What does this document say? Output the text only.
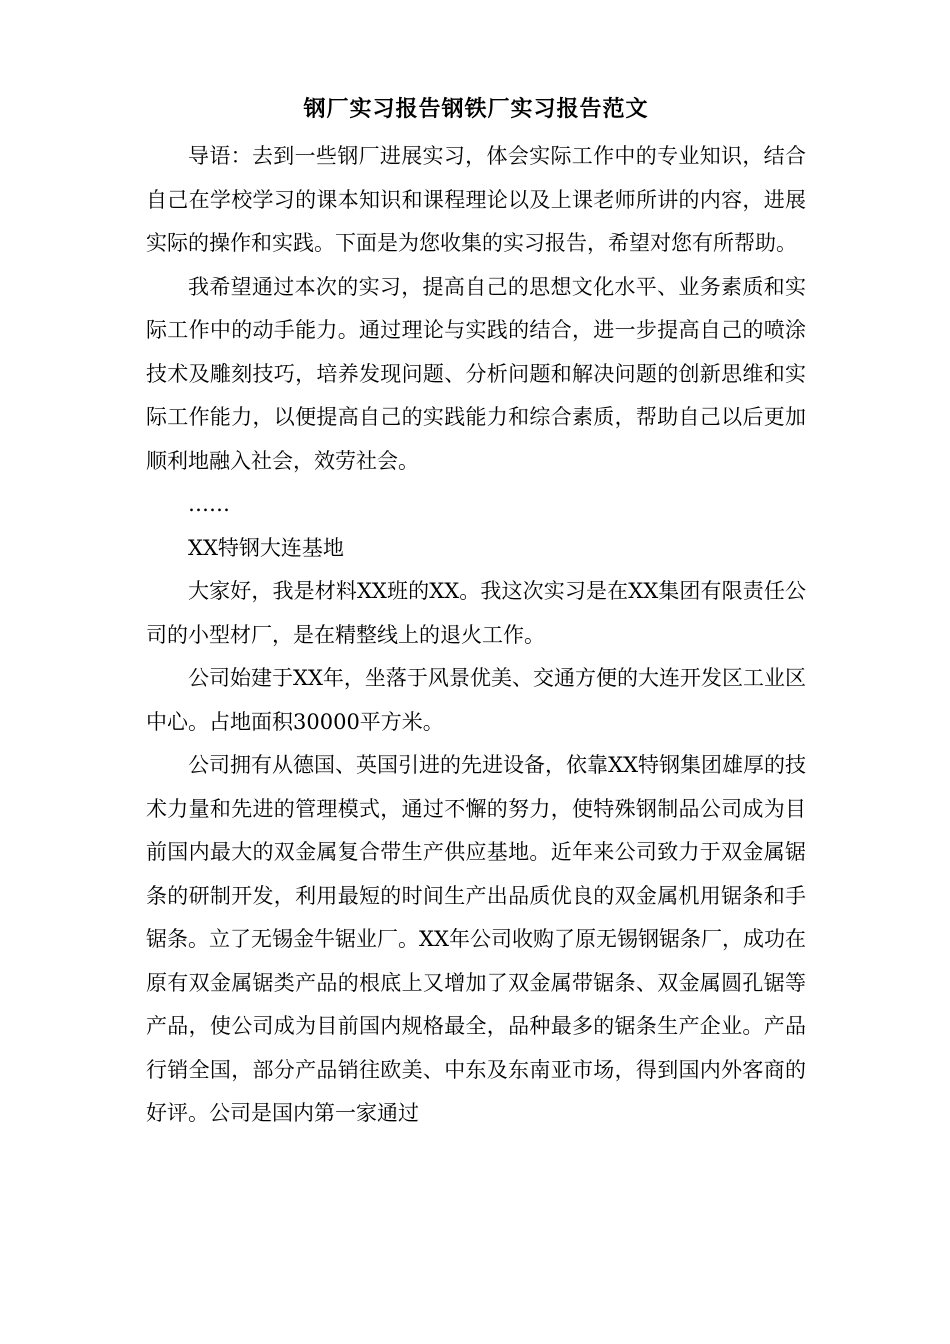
钢厂实习报告钢铁厂实习报告范文

导语：去到一些钢厂进展实习，体会实际工作中的专业知识，结合自己在学校学习的课本知识和课程理论以及上课老师所讲的内容，进展实际的操作和实践。下面是为您收集的实习报告，希望对您有所帮助。

我希望通过本次的实习，提高自己的思想文化水平、业务素质和实际工作中的动手能力。通过理论与实践的结合，进一步提高自己的喷涂技术及雕刻技巧，培养发现问题、分析问题和解决问题的创新思维和实际工作能力，以便提高自己的实践能力和综合素质，帮助自己以后更加顺利地融入社会，效劳社会。

……

XX特钢大连基地

大家好，我是材料XX班的XX。我这次实习是在XX集团有限责任公司的小型材厂，是在精整线上的退火工作。

公司始建于XX年，坐落于风景优美、交通方便的大连开发区工业区中心。占地面积30000平方米。

公司拥有从德国、英国引进的先进设备，依靠XX特钢集团雄厚的技术力量和先进的管理模式，通过不懈的努力，使特殊钢制品公司成为目前国内最大的双金属复合带生产供应基地。近年来公司致力于双金属锯条的研制开发，利用最短的时间生产出品质优良的双金属机用锯条和手锯条。立了无锡金牛锯业厂。XX年公司收购了原无锡钢锯条厂，成功在原有双金属锯类产品的根底上又增加了双金属带锯条、双金属圆孔锯等产品，使公司成为目前国内规格最全，品种最多的锯条生产企业。产品行销全国，部分产品销往欧美、中东及东南亚市场，得到国内外客商的好评。公司是国内第一家通过
